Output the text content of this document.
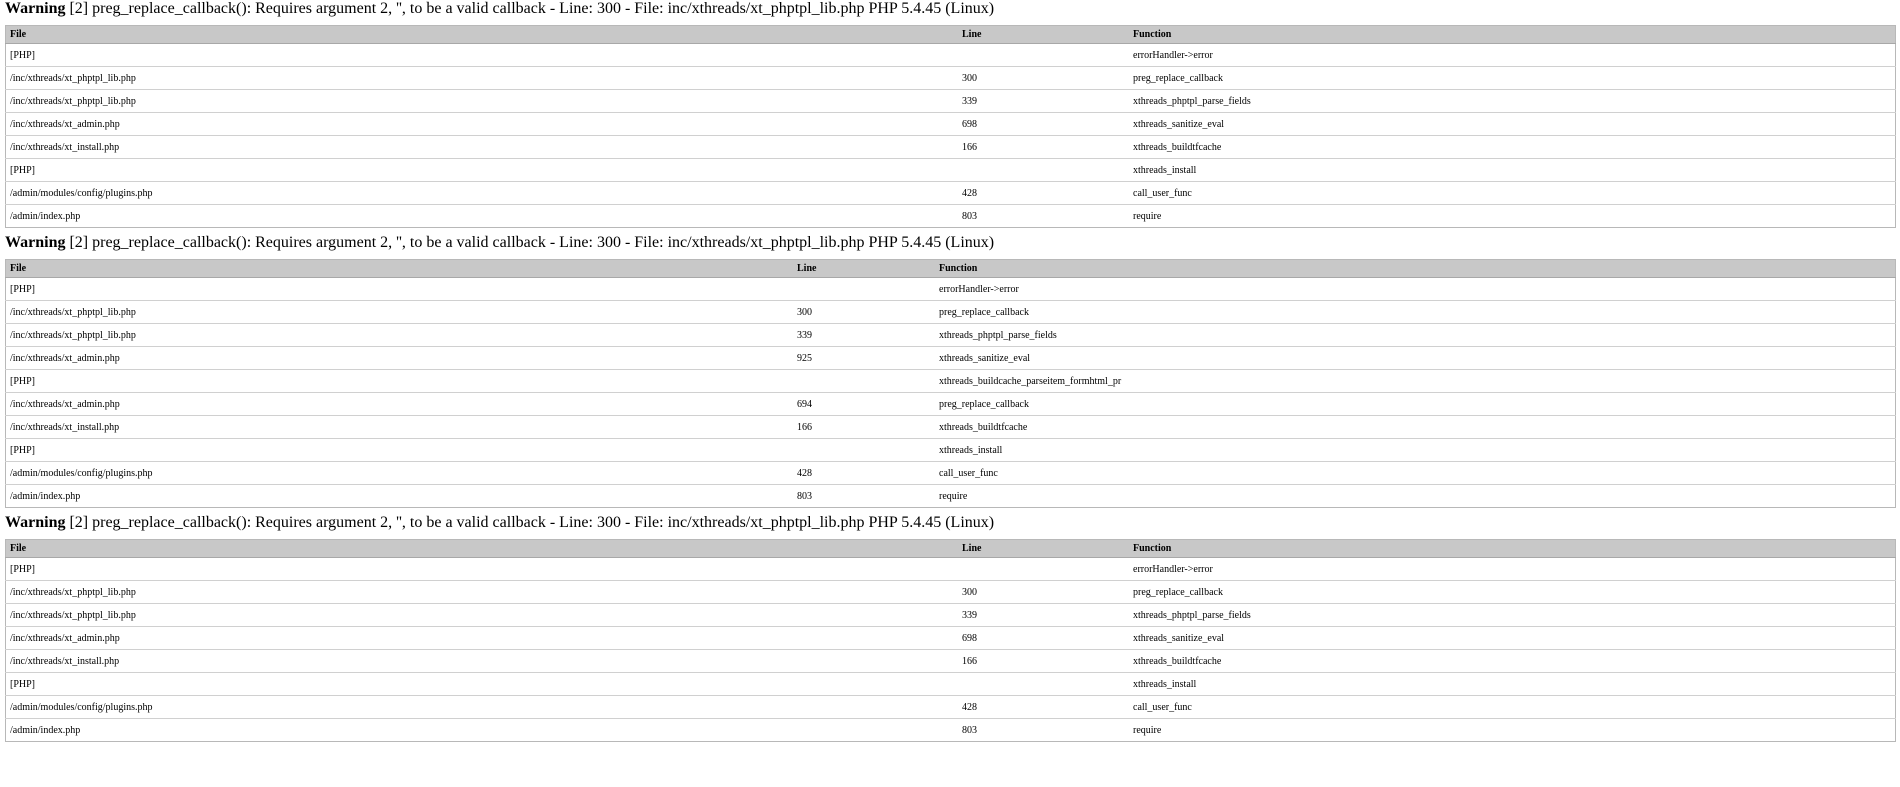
Warning [2] preg_replace_callback(): Requires argument 2, '', to be a valid callback - Line: 300 - File: inc/xthreads/xt_phptpl_lib.php PHP 5.4.45 (Linux)
File	Line	Function
[PHP]		errorHandler->error
/inc/xthreads/xt_phptpl_lib.php	300	preg_replace_callback
/inc/xthreads/xt_phptpl_lib.php	339	xthreads_phptpl_parse_fields
/inc/xthreads/xt_admin.php	698	xthreads_sanitize_eval
/inc/xthreads/xt_install.php	166	xthreads_buildtfcache
[PHP]		xthreads_install
/admin/modules/config/plugins.php	428	call_user_func
/admin/index.php	803	require
Warning [2] preg_replace_callback(): Requires argument 2, '', to be a valid callback - Line: 300 - File: inc/xthreads/xt_phptpl_lib.php PHP 5.4.45 (Linux)
File	Line	Function
[PHP]		errorHandler->error
/inc/xthreads/xt_phptpl_lib.php	300	preg_replace_callback
/inc/xthreads/xt_phptpl_lib.php	339	xthreads_phptpl_parse_fields
/inc/xthreads/xt_admin.php	925	xthreads_sanitize_eval
[PHP]		xthreads_buildcache_parseitem_formhtml_pr
/inc/xthreads/xt_admin.php	694	preg_replace_callback
/inc/xthreads/xt_install.php	166	xthreads_buildtfcache
[PHP]		xthreads_install
/admin/modules/config/plugins.php	428	call_user_func
/admin/index.php	803	require
Warning [2] preg_replace_callback(): Requires argument 2, '', to be a valid callback - Line: 300 - File: inc/xthreads/xt_phptpl_lib.php PHP 5.4.45 (Linux)
File	Line	Function
[PHP]		errorHandler->error
/inc/xthreads/xt_phptpl_lib.php	300	preg_replace_callback
/inc/xthreads/xt_phptpl_lib.php	339	xthreads_phptpl_parse_fields
/inc/xthreads/xt_admin.php	698	xthreads_sanitize_eval
/inc/xthreads/xt_install.php	166	xthreads_buildtfcache
[PHP]		xthreads_install
/admin/modules/config/plugins.php	428	call_user_func
/admin/index.php	803	require
